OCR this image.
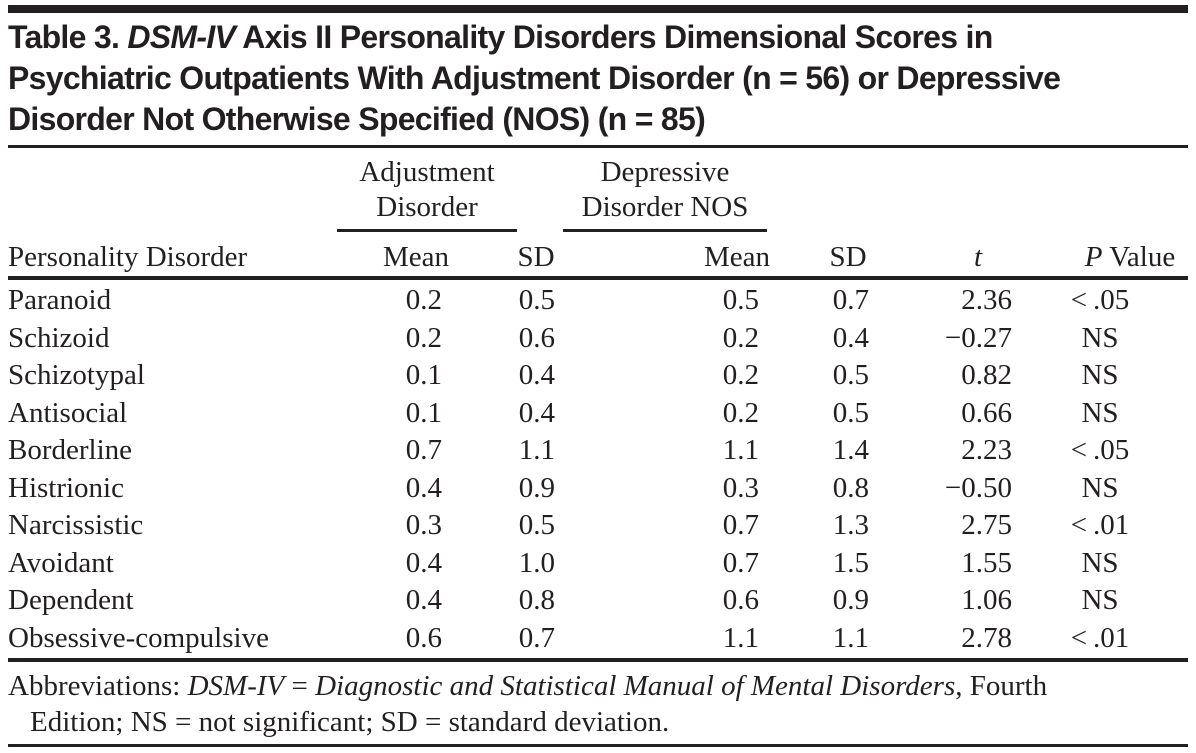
Table 3. DSM-IV Axis II Personality Disorders Dimensional Scores in
Psychiatric Outpatients With Adjustment Disorder (n = 56) or Depressive
Disorder Not Otherwise Specified (NOS) (n = 85)
Adjustment
Disorder
Depressive
Disorder NOS
Personality Disorder	Mean	SD	Mean	SD	t	P Value
Paranoid	0.2	0.5	0.5	0.7	2.36	< .05
Schizoid	0.2	0.6	0.2	0.4	−0.27	NS
Schizotypal	0.1	0.4	0.2	0.5	0.82	NS
Antisocial	0.1	0.4	0.2	0.5	0.66	NS
Borderline	0.7	1.1	1.1	1.4	2.23	< .05
Histrionic	0.4	0.9	0.3	0.8	−0.50	NS
Narcissistic	0.3	0.5	0.7	1.3	2.75	< .01
Avoidant	0.4	1.0	0.7	1.5	1.55	NS
Dependent	0.4	0.8	0.6	0.9	1.06	NS
Obsessive-compulsive	0.6	0.7	1.1	1.1	2.78	< .01
Abbreviations: DSM-IV = Diagnostic and Statistical Manual of Mental Disorders, Fourth
Edition; NS = not significant; SD = standard deviation.
